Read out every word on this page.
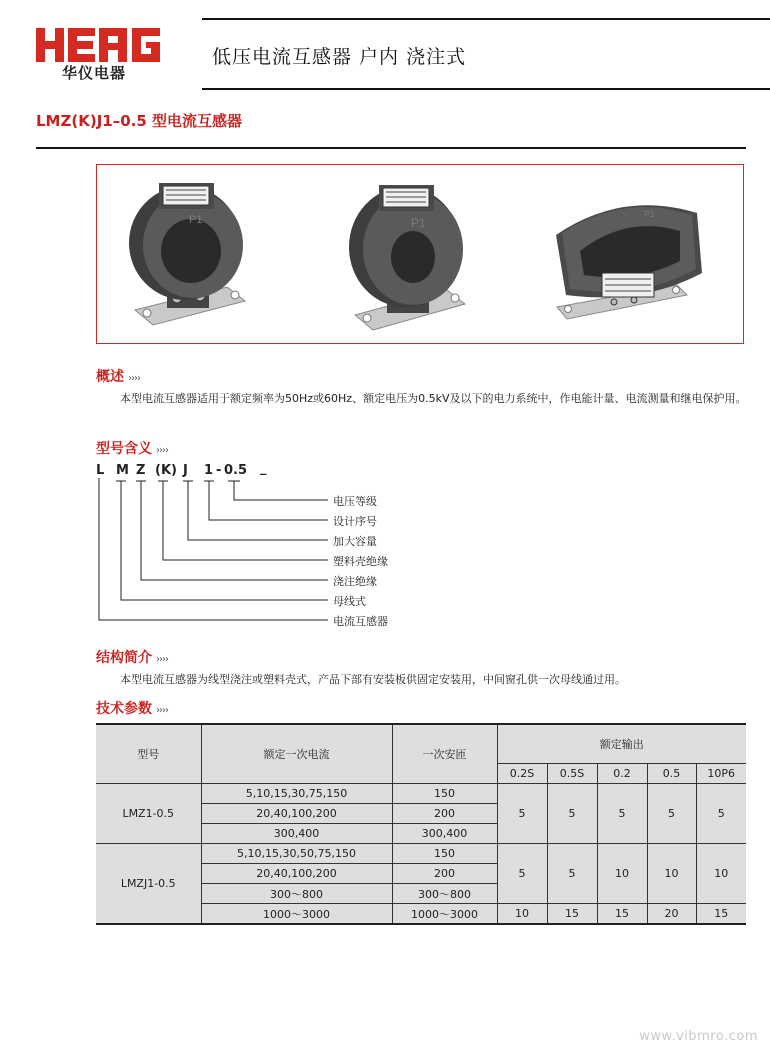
华仪电器
低压电流互感器 户内 浇注式
LMZ(K)J1–0.5 型电流互感器
P1	P1
P1
概述 ››››
本型电流互感器适用于额定频率为50Hz或60Hz、额定电压为0.5kV及以下的电力系统中，作电能计量、电流测量和继电保护用。
型号含义 ››››
L M Z (K) J 1 - 0.5 _
电压等级
设计序号
加大容量
塑料壳绝缘
浇注绝缘
母线式
电流互感器
结构简介 ››››
本型电流互感器为线型浇注或塑料壳式，产品下部有安装板供固定安装用，中间窗孔供一次母线通过用。
技术参数 ››››
型号	额定一次电流	一次安匝	额定输出				
			0.2S	0.5S	0.2	0.5	10P6
LMZ1-0.5	5,10,15,30,75,150	150	5	5	5	5	5
	20,40,100,200	200					
	300,400	300,400					
LMZJ1-0.5	5,10,15,30,50,75,150	150	5	5	10	10	10
	20,40,100,200	200					
	300～800	300～800					
	1000～3000	1000～3000	10	15	15	20	15
www.vibmro.com
